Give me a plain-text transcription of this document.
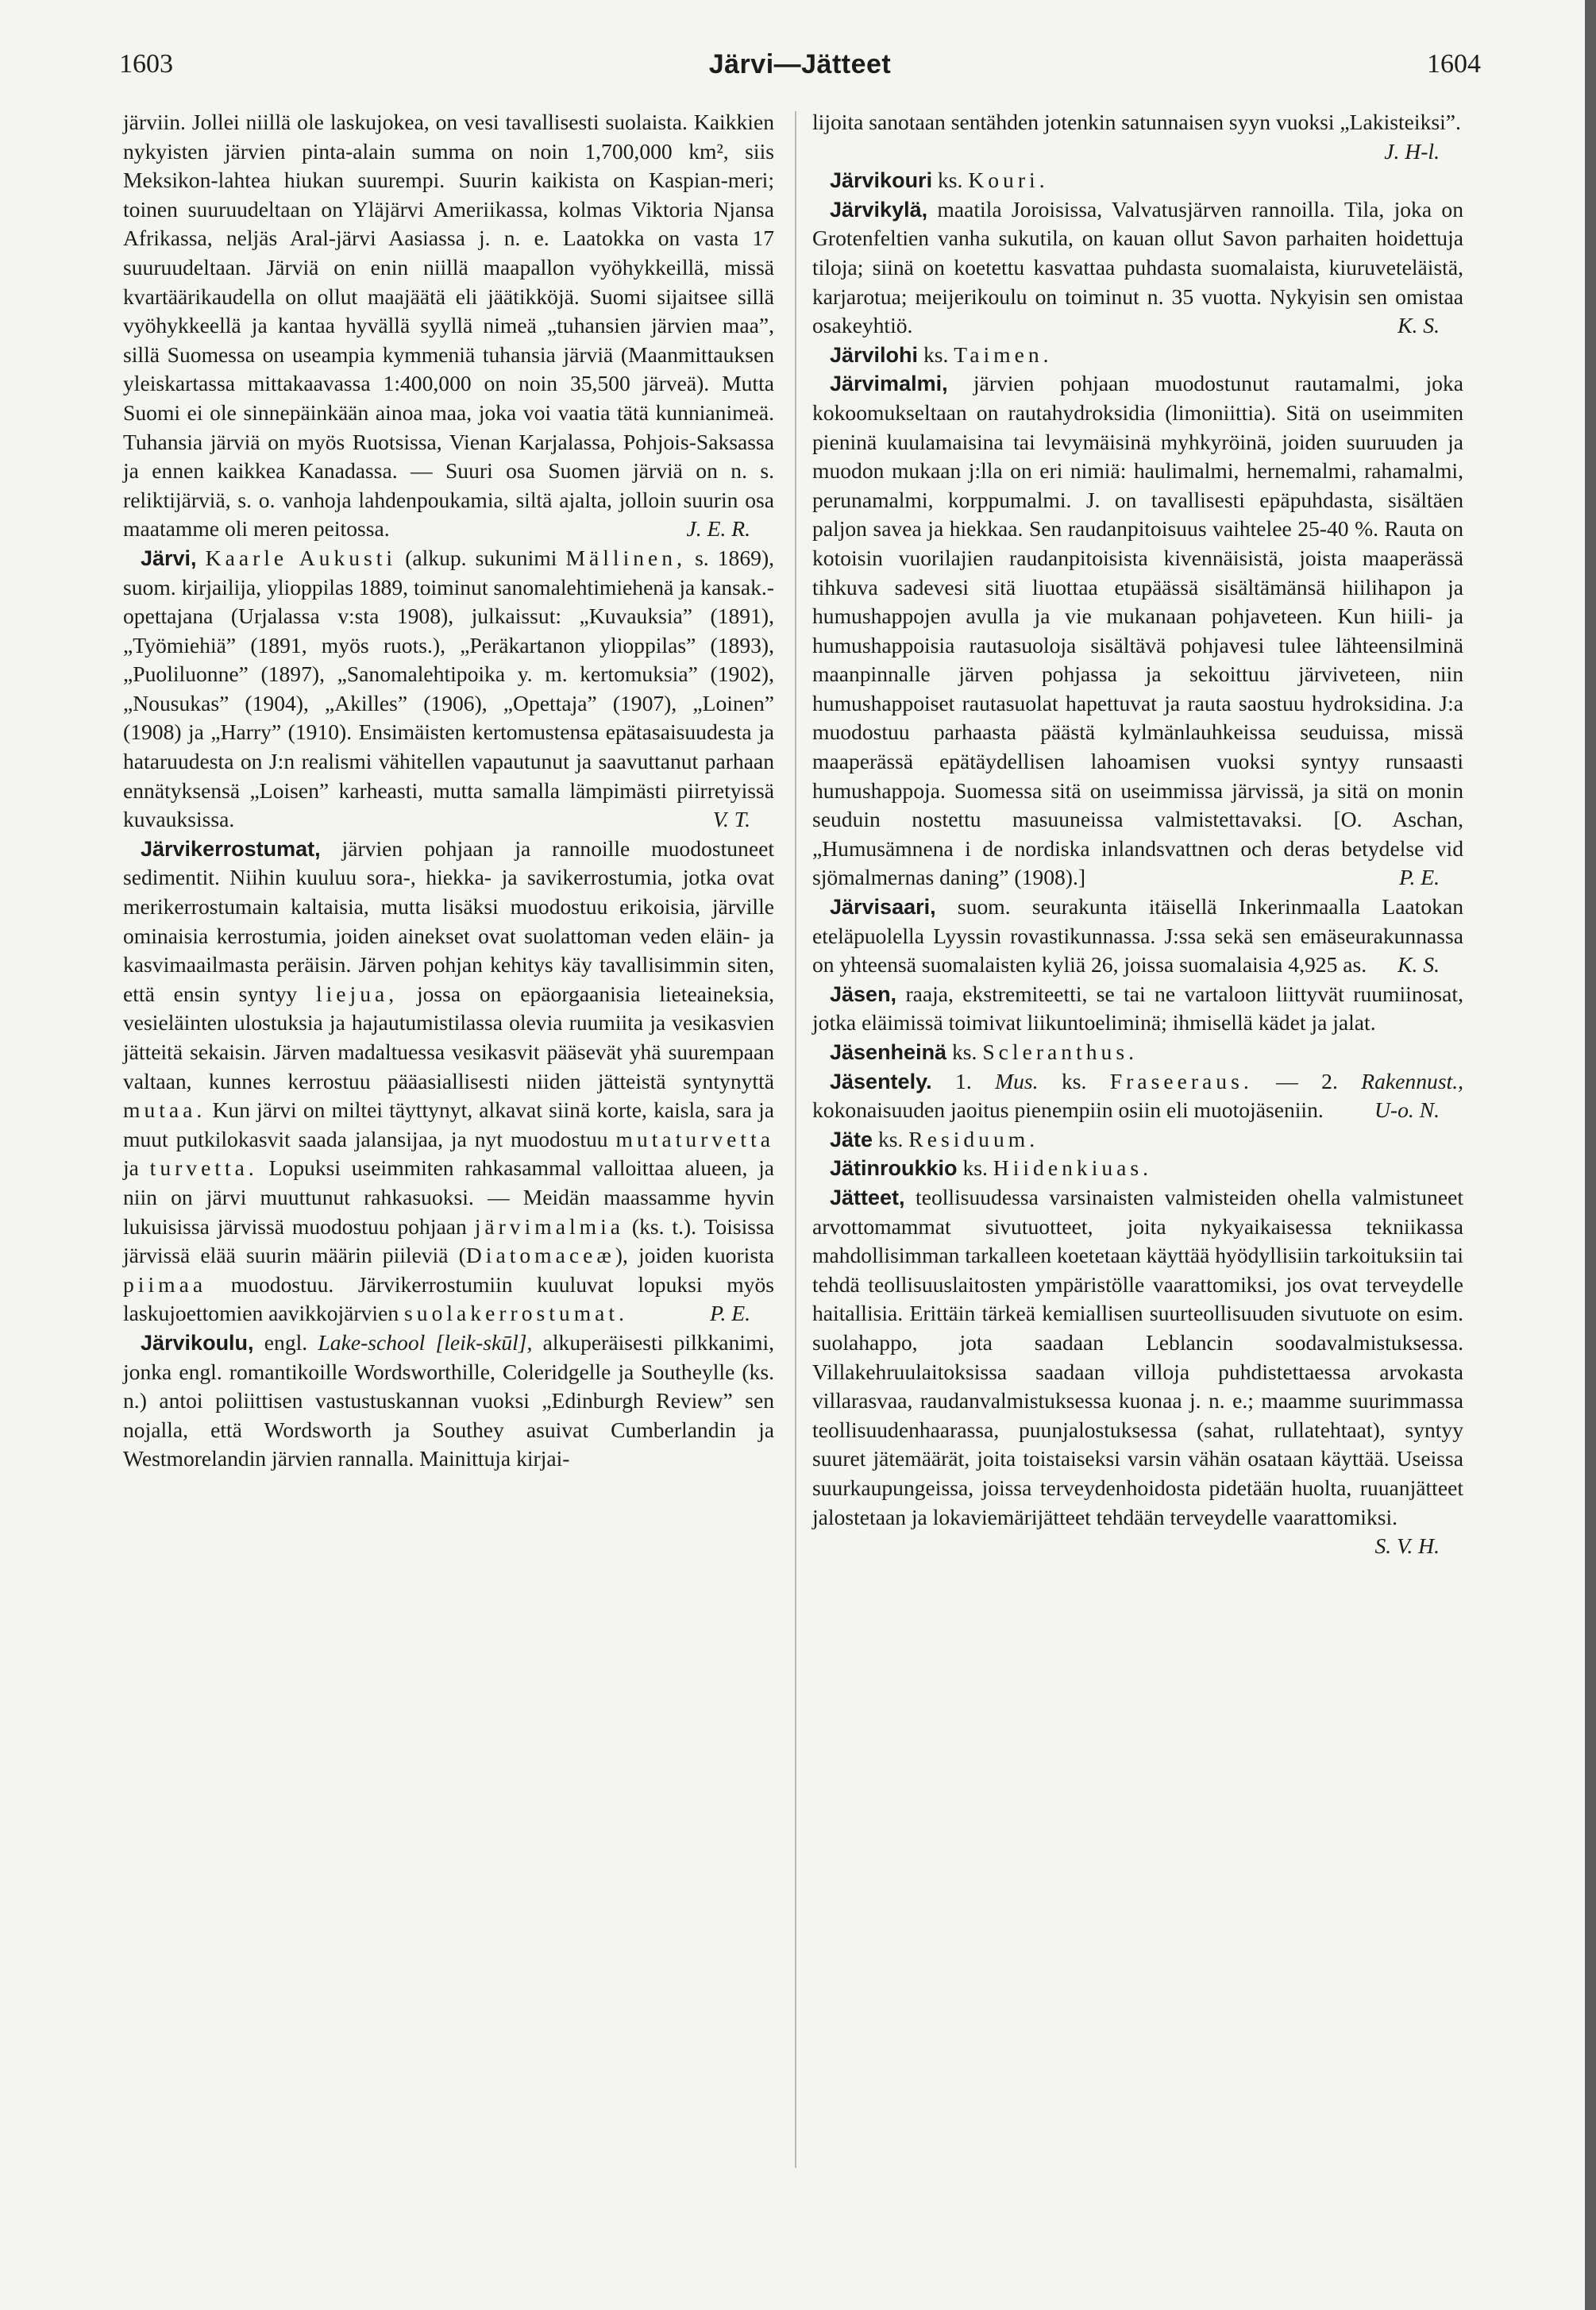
1603	Järvi—Jätteet	1604

järviin. Jollei niillä ole laskujokea, on vesi tavallisesti suolaista. Kaikkien nykyisten järvien pinta-alain summa on noin 1,700,000 km², siis Meksikon-lahtea hiukan suurempi. Suurin kaikista on Kaspian-meri; toinen suuruudeltaan on Yläjärvi Ameriikassa, kolmas Viktoria Njansa Afrikassa, neljäs Aral-järvi Aasiassa j. n. e. Laatokka on vasta 17 suuruudeltaan. Järviä on enin niillä maapallon vyöhykkeillä, missä kvartäärikaudella on ollut maajäätä eli jäätikköjä. Suomi sijaitsee sillä vyöhykkeellä ja kantaa hyvällä syyllä nimeä „tuhansien järvien maa”, sillä Suomessa on useampia kymmeniä tuhansia järviä (Maanmittauksen yleiskartassa mittakaavassa 1:400,000 on noin 35,500 järveä). Mutta Suomi ei ole sinnepäinkään ainoa maa, joka voi vaatia tätä kunnianimeä. Tuhansia järviä on myös Ruotsissa, Vienan Karjalassa, Pohjois-Saksassa ja ennen kaikkea Kanadassa. — Suuri osa Suomen järviä on n. s. reliktijärviä, s. o. vanhoja lahdenpoukamia, siltä ajalta, jolloin suurin osa maatamme oli meren peitossa.	J. E. R.

Järvi, Kaarle Aukusti (alkup. sukunimi Mällinen, s. 1869), suom. kirjailija, ylioppilas 1889, toiminut sanomalehtimiehenä ja kansak.-opettajana (Urjalassa v:sta 1908), julkaissut: „Kuvauksia” (1891), „Työmiehiä” (1891, myös ruots.), „Peräkartanon ylioppilas” (1893), „Puoliluonne” (1897), „Sanomalehtipoika y. m. kertomuksia” (1902), „Nousukas” (1904), „Akilles” (1906), „Opettaja” (1907), „Loinen” (1908) ja „Harry” (1910). Ensimäisten kertomustensa epätasaisuudesta ja hataruudesta on J:n realismi vähitellen vapautunut ja saavuttanut parhaan ennätyksensä „Loisen” karheasti, mutta samalla lämpimästi piirretyissä kuvauksissa.	V. T.

Järvikerrostumat, järvien pohjaan ja rannoille muodostuneet sedimentit. Niihin kuuluu sora-, hiekka- ja savikerrostumia, jotka ovat merikerrostumain kaltaisia, mutta lisäksi muodostuu erikoisia, järville ominaisia kerrostumia, joiden ainekset ovat suolattoman veden eläin- ja kasvimaailmasta peräisin. Järven pohjan kehitys käy tavallisimmin siten, että ensin syntyy liejua, jossa on epäorgaanisia lieteaineksia, vesieläinten ulostuksia ja hajautumistilassa olevia ruumiita ja vesikasvien jätteitä sekaisin. Järven madaltuessa vesikasvit pääsevät yhä suurempaan valtaan, kunnes kerrostuu pääasiallisesti niiden jätteistä syntynyttä mutaa. Kun järvi on miltei täyttynyt, alkavat siinä korte, kaisla, sara ja muut putkilokasvit saada jalansijaa, ja nyt muodostuu mutaturvetta ja turvetta. Lopuksi useimmiten rahkasammal valloittaa alueen, ja niin on järvi muuttunut rahkasuoksi. — Meidän maassamme hyvin lukuisissa järvissä muodostuu pohjaan järvimalmia (ks. t.). Toisissa järvissä elää suurin määrin piileviä (Diatomaceæ), joiden kuorista piimaa muodostuu. Järvikerrostumiin kuuluvat lopuksi myös laskujoettomien aavikkojärvien suolakerrostumat.	P. E.

Järvikoulu, engl. Lake-school [leik-skūl], alkuperäisesti pilkkanimi, jonka engl. romantikoille Wordsworthille, Coleridgelle ja Southeylle (ks. n.) antoi poliittisen vastustuskannan vuoksi „Edinburgh Review” sen nojalla, että Wordsworth ja Southey asuivat Cumberlandin ja Westmorelandin järvien rannalla. Mainittuja kirjai-

lijoita sanotaan sentähden jotenkin satunnaisen syyn vuoksi „Lakisteiksi”.
J. H-l.

Järvikouri ks. Kouri.

Järvikylä, maatila Joroisissa, Valvatusjärven rannoilla. Tila, joka on Grotenfeltien vanha sukutila, on kauan ollut Savon parhaiten hoidettuja tiloja; siinä on koetettu kasvattaa puhdasta suomalaista, kiuruveteläistä, karjarotua; meijerikoulu on toiminut n. 35 vuotta. Nykyisin sen omistaa osakeyhtiö.	K. S.

Järvilohi ks. Taimen.

Järvimalmi, järvien pohjaan muodostunut rautamalmi, joka kokoomukseltaan on rautahydroksidia (limoniittia). Sitä on useimmiten pieninä kuulamaisina tai levymäisinä myhkyröinä, joiden suuruuden ja muodon mukaan j:lla on eri nimiä: haulimalmi, hernemalmi, rahamalmi, perunamalmi, korppumalmi. J. on tavallisesti epäpuhdasta, sisältäen paljon savea ja hiekkaa. Sen raudanpitoisuus vaihtelee 25-40 %. Rauta on kotoisin vuorilajien raudanpitoisista kivennäisistä, joista maaperässä tihkuva sadevesi sitä liuottaa etupäässä sisältämänsä hiilihapon ja humushappojen avulla ja vie mukanaan pohjaveteen. Kun hiili- ja humushappoisia rautasuoloja sisältävä pohjavesi tulee lähteensilminä maanpinnalle järven pohjassa ja sekoittuu järviveteen, niin humushappoiset rautasuolat hapettuvat ja rauta saostuu hydroksidina. J:a muodostuu parhaasta päästä kylmänlauhkeissa seuduissa, missä maaperässä epätäydellisen lahoamisen vuoksi syntyy runsaasti humushappoja. Suomessa sitä on useimmissa järvissä, ja sitä on monin seuduin nostettu masuuneissa valmistettavaksi. [O. Aschan, „Humusämnena i de nordiska inlandsvattnen och deras betydelse vid sjömalmernas daning” (1908).]	P. E.

Järvisaari, suom. seurakunta itäisellä Inkerinmaalla Laatokan eteläpuolella Lyyssin rovastikunnassa. J:ssa sekä sen emäseurakunnassa on yhteensä suomalaisten kyliä 26, joissa suomalaisia 4,925 as.	K. S.

Jäsen, raaja, ekstremiteetti, se tai ne vartaloon liittyvät ruumiinosat, jotka eläimissä toimivat liikuntoeliminä; ihmisellä kädet ja jalat.

Jäsenheinä ks. Scleranthus.

Jäsentely. 1. Mus. ks. Fraseeraus. — 2. Rakennust., kokonaisuuden jaoitus pienempiin osiin eli muotojäseniin.	U-o. N.

Jäte ks. Residuum.

Jätinroukkio ks. Hiidenkiuas.

Jätteet, teollisuudessa varsinaisten valmisteiden ohella valmistuneet arvottomammat sivutuotteet, joita nykyaikaisessa tekniikassa mahdollisimman tarkalleen koetetaan käyttää hyödyllisiin tarkoituksiin tai tehdä teollisuuslaitosten ympäristölle vaarattomiksi, jos ovat terveydelle haitallisia. Erittäin tärkeä kemiallisen suurteollisuuden sivutuote on esim. suolahappo, jota saadaan Leblancin soodavalmistuksessa. Villakehruulaitoksissa saadaan villoja puhdistettaessa arvokasta villarasvaa, raudanvalmistuksessa kuonaa j. n. e.; maamme suurimmassa teollisuudenhaarassa, puunjalostuksessa (sahat, rullatehtaat), syntyy suuret jätemäärät, joita toistaiseksi varsin vähän osataan käyttää. Useissa suurkaupungeissa, joissa terveydenhoidosta pidetään huolta, ruuanjätteet jalostetaan ja lokaviemärijätteet tehdään terveydelle vaarattomiksi.
S. V. H.
